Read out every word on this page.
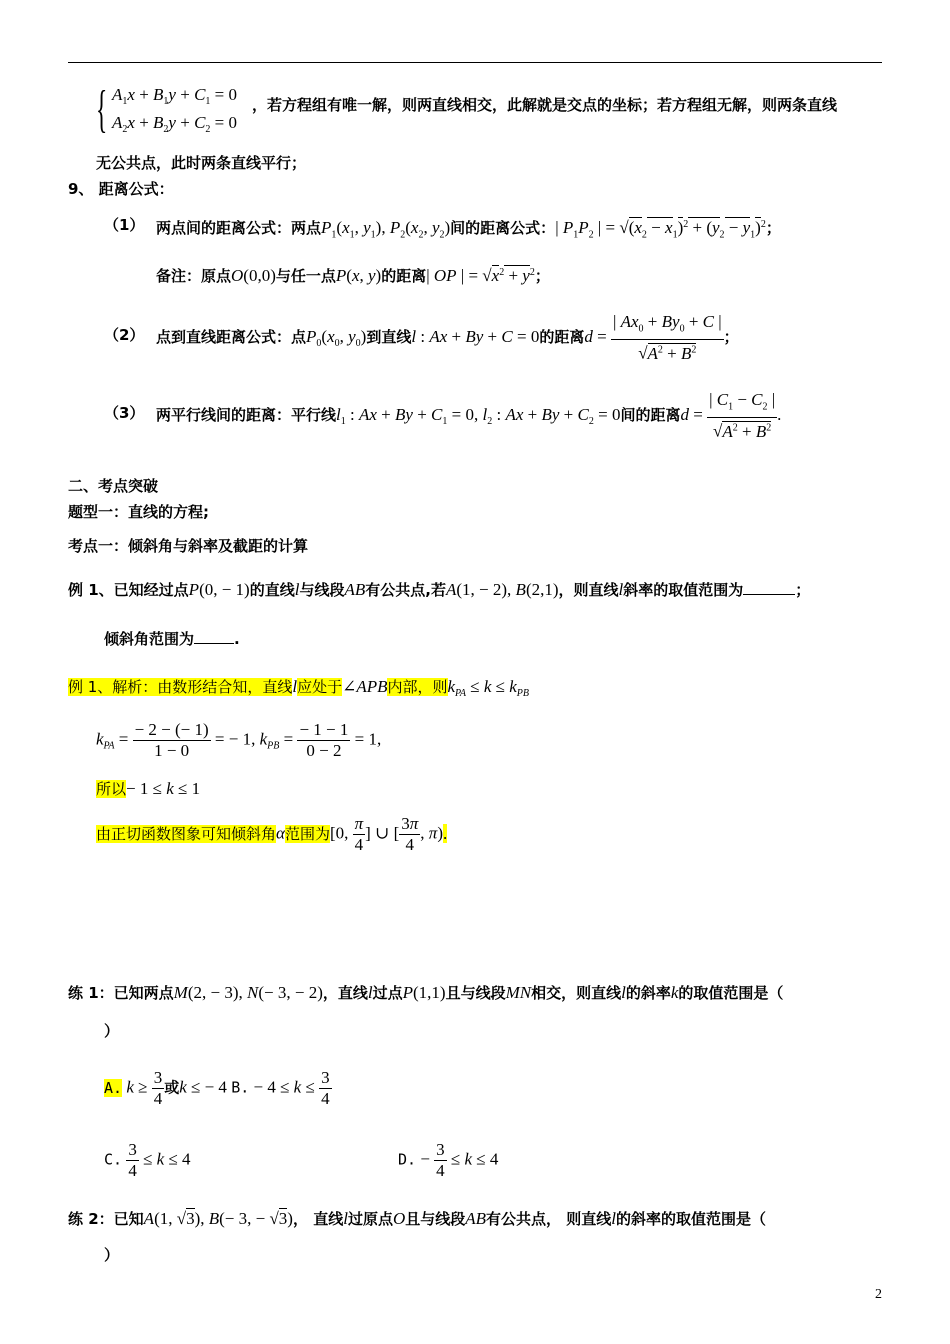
{ $A_1x + B_1y + C_1 = 0$
$A_2x + B_2y + C_2 = 0$
，若方程组有唯一解，则两直线相交，此解就是交点的坐标；若方程组无解，则两条直线
无公共点，此时两条直线平行；
9、 距离公式：
（1） 两点间的距离公式：两点$P_1(x_1$, $y_1$), $P_2(x_2$, $y_2$)间的距离公式：| $P_1P_2$ | = $√(x_2 - x_1)^2 + (y_2 - y_1)^2$；
备注：原点O(0,0)与任一点P(x, y)的距离| OP | = $√x^2 + y^2$；
（2） 点到直线距离公式：点$P_0(x_0$, $y_0$)到直线l : Ax + By + C = 0的距离$d = \frac{| Ax_0 + By_0 + C |}{√A^2 + B^2}$ ；
（3） 两平行线间的距离：平行线$l_1$ : $Ax + By + C_1 = 0$, $l_2$ : $Ax + By + C_2 = 0$间的距离$d = \frac{| C_1 - C_2 |}{√A^2 + B^2}$ .
二、考点突破
题型一：直线的方程;
考点一：倾斜角与斜率及截距的计算
例 1、已知经过点P(0, − 1)的直线l与线段AB有公共点,若A(1, − 2), B(2,1)，则直线l斜率的取值范围为	；
倾斜角范围为	.
例 1、解析：由数形结合知，直线l应处于∠APB内部，则$k_{PA} \le k \le k_{PB}$
$k_{PA} = \frac{- 2 - (- 1)}{1 - 0}$ = − 1, $k_{PB} = \frac{- 1 - 1}{0 - 2} = 1$,
所以− 1 ≤ k ≤ 1
由正切函数图象可知倾斜角α范围为[0, $\frac{\pi}{4}$ ] ∪ [ $\frac{3\pi}{4}$ , π).
练 1：已知两点M(2, − 3), N(− 3, − 2)，直线l过点P(1,1)且与线段MN相交，则直线l的斜率k的取值范围是（
）
A. $k \ge \frac{3}{4}$ 或k ≤ − 4 B. − $4 \le k \le \frac{3}{4}$
C. $\frac{3}{4} \le k \le 4$	D. − $\frac{3}{4} \le k \le 4$
练 2：已知A(1, √3), B(− 3, − √3)， 直线l过原点O且与线段AB有公共点， 则直线l的斜率的取值范围是（
）
2
